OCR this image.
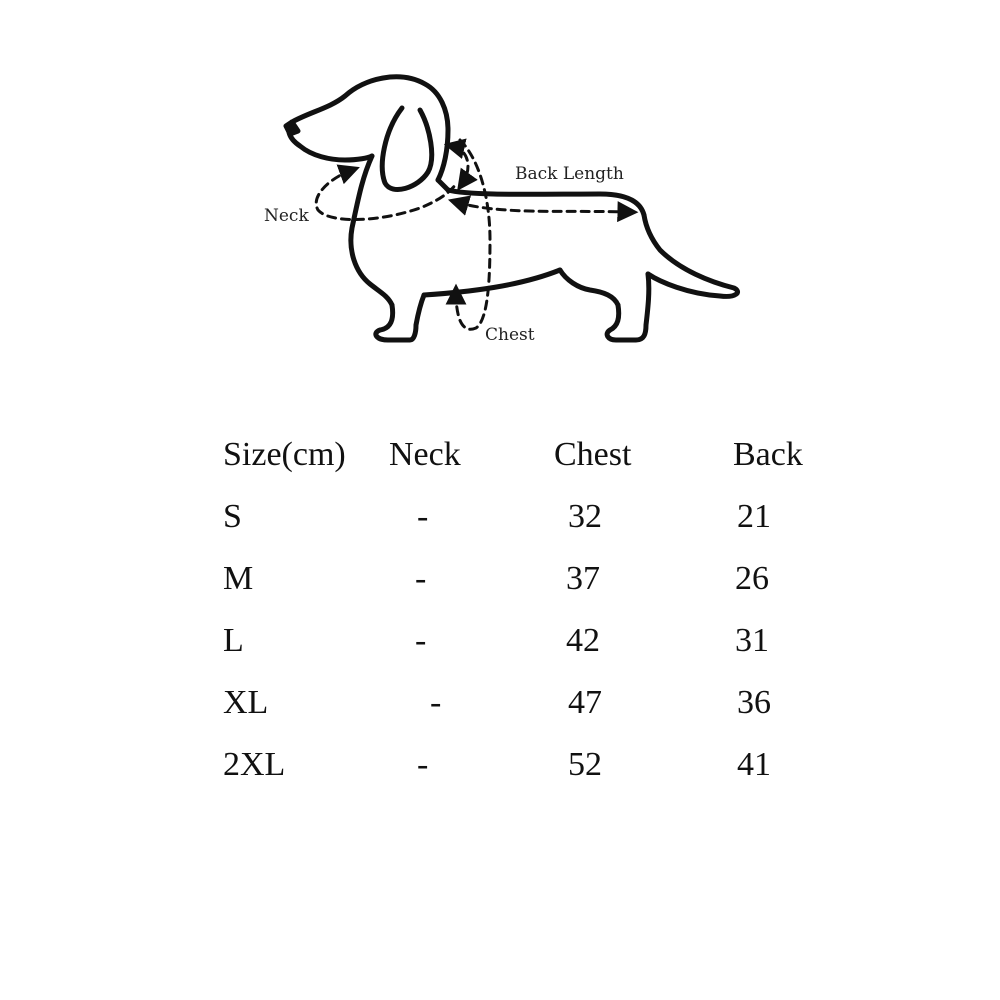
Neck
Back Length
Chest
Size(cm) Neck	Chest	Back
S	-	32	21
M	-	37	26
L	-	42	31
XL	-	47	36
2XL	-	52	41
